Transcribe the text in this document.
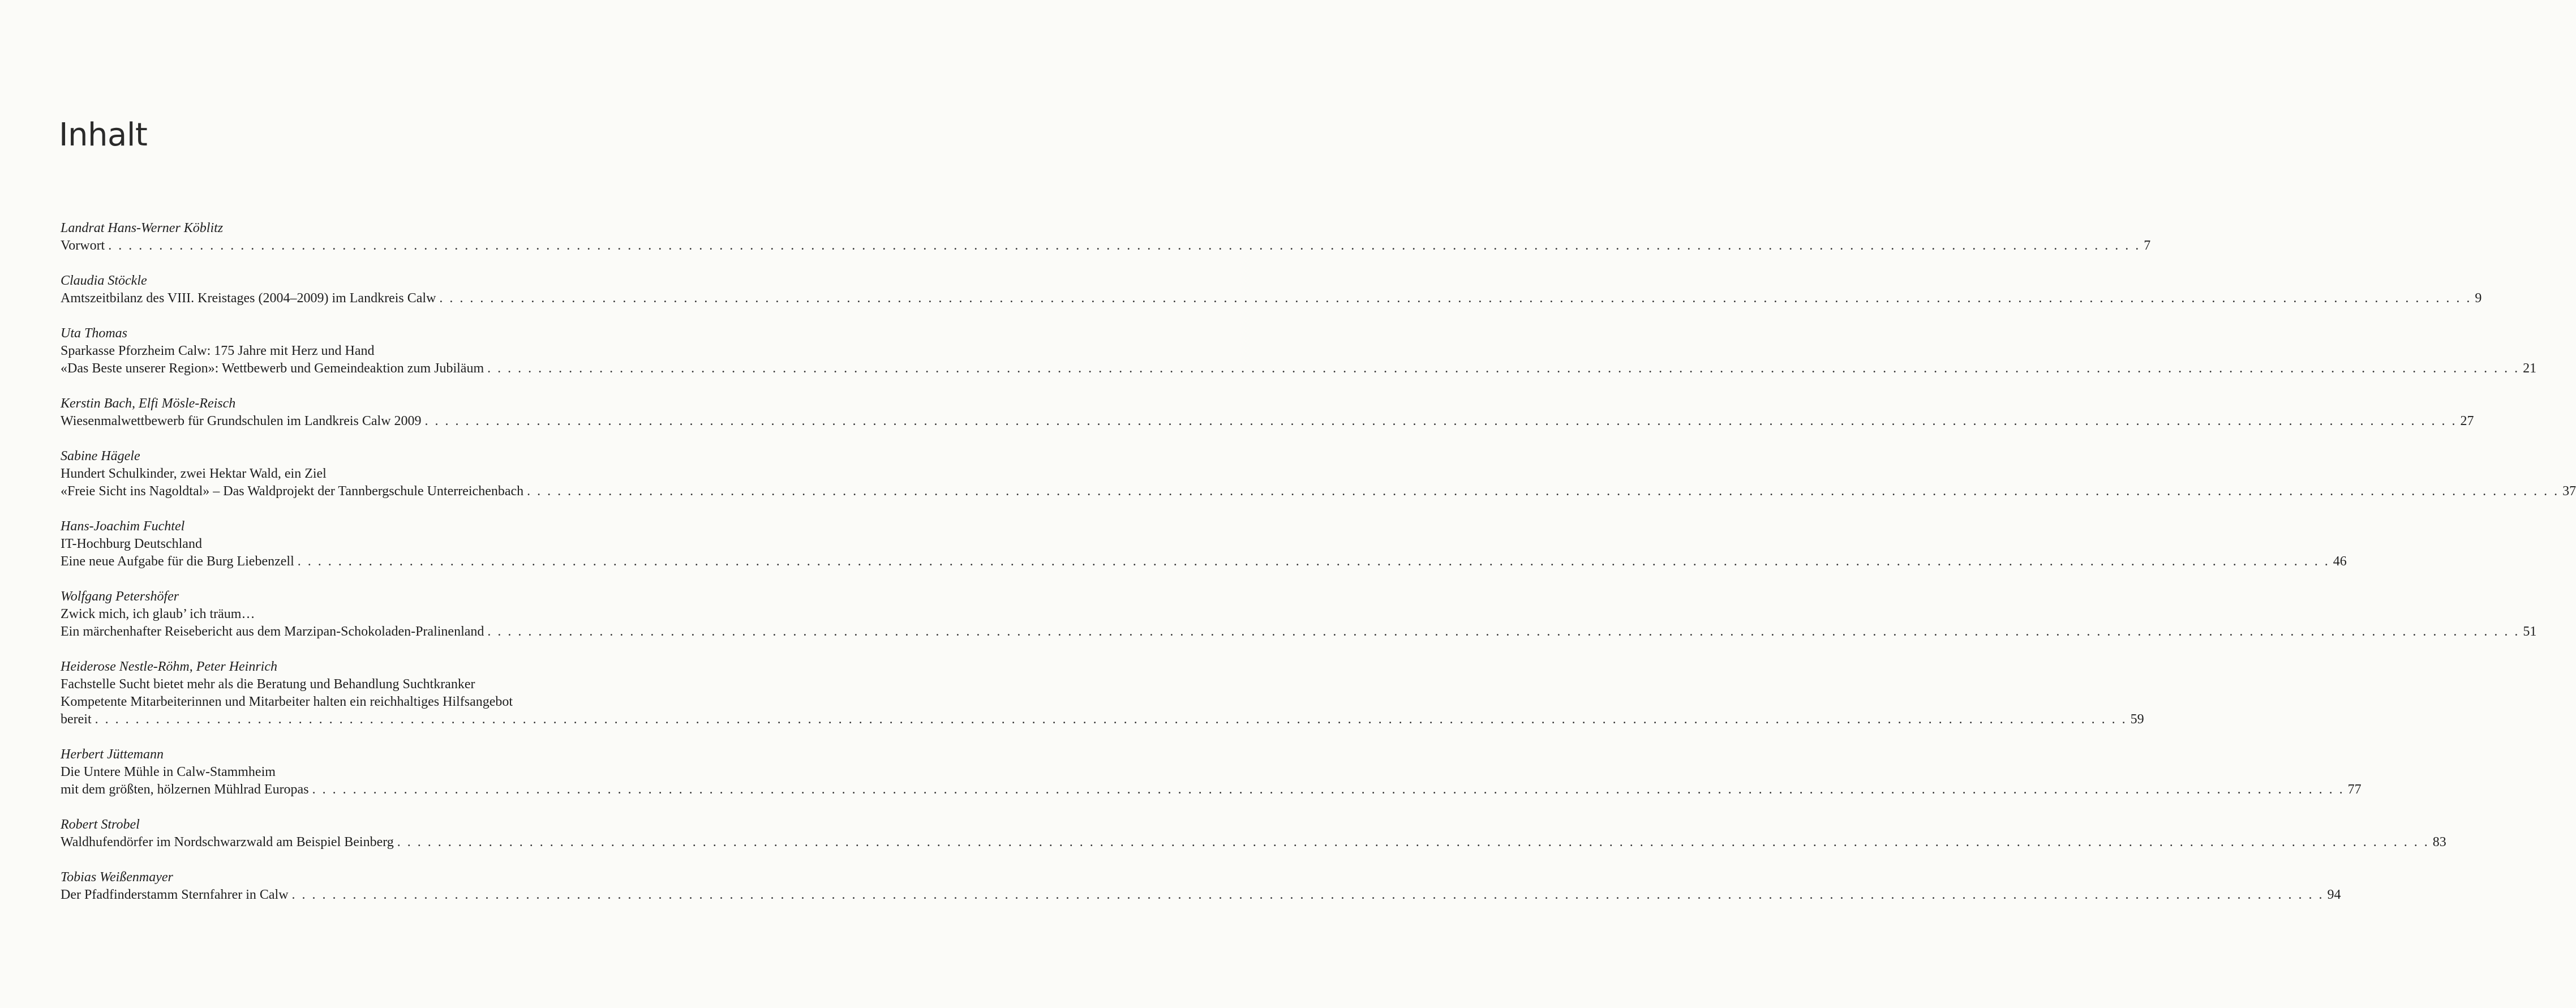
Inhalt
Landrat Hans-Werner Köblitz
Vorwort . . . . . . . . . . . . . . . . . . . . . . . . . . . . . . . . . . . . . . . . . . . . . . . . . . . . . . . . . . . . . . . . . . . . . . . . . . . . . . . . . . . . . . . . . . . . . . . . . . . . . . . . . . . . . . . . . . . . . . . . . . . . . . . . . . . . . . . . . . . . . . . . . . . . . . . . . . . . . . . . . . . . . . . . . . . . . . . . . . . . . . . . . . . . . . . . . . . . . . . . 7
Claudia Stöckle
Amtszeitbilanz des VIII. Kreistages (2004–2009) im Landkreis Calw . . . . . . . . . . . . . . . . . . . . . . . . . . . . . . . . . . . . . . . . . . . . . . . . . . . . . . . . . . . . . . . . . . . . . . . . . . . . . . . . . . . . . . . . . . . . . . . . . . . . . . . . . . . . . . . . . . . . . . . . . . . . . . . . . . . . . . . . . . . . . . . . . . . . . . . . . . . . . . . . . . . . . . . . . . . . . . . . . . . . . . . . . . . . . . . . . . . . . . . . 9
Uta Thomas
Sparkasse Pforzheim Calw: 175 Jahre mit Herz und Hand
«Das Beste unserer Region»: Wettbewerb und Gemeindeaktion zum Jubiläum . . . . . . . . . . . . . . . . . . . . . . . . . . . . . . . . . . . . . . . . . . . . . . . . . . . . . . . . . . . . . . . . . . . . . . . . . . . . . . . . . . . . . . . . . . . . . . . . . . . . . . . . . . . . . . . . . . . . . . . . . . . . . . . . . . . . . . . . . . . . . . . . . . . . . . . . . . . . . . . . . . . . . . . . . . . . . . . . . . . . . . . . . . . . . . . . . . . . . . . . 21
Kerstin Bach, Elfi Mösle-Reisch
Wiesenmalwettbewerb für Grundschulen im Landkreis Calw 2009 . . . . . . . . . . . . . . . . . . . . . . . . . . . . . . . . . . . . . . . . . . . . . . . . . . . . . . . . . . . . . . . . . . . . . . . . . . . . . . . . . . . . . . . . . . . . . . . . . . . . . . . . . . . . . . . . . . . . . . . . . . . . . . . . . . . . . . . . . . . . . . . . . . . . . . . . . . . . . . . . . . . . . . . . . . . . . . . . . . . . . . . . . . . . . . . . . . . . . . . . 27
Sabine Hägele
Hundert Schulkinder, zwei Hektar Wald, ein Ziel
«Freie Sicht ins Nagoldtal» – Das Waldprojekt der Tannbergschule Unterreichenbach . . . . . . . . . . . . . . . . . . . . . . . . . . . . . . . . . . . . . . . . . . . . . . . . . . . . . . . . . . . . . . . . . . . . . . . . . . . . . . . . . . . . . . . . . . . . . . . . . . . . . . . . . . . . . . . . . . . . . . . . . . . . . . . . . . . . . . . . . . . . . . . . . . . . . . . . . . . . . . . . . . . . . . . . . . . . . . . . . . . . . . . . . . . . . . . . . . . . . . . . 37
Hans-Joachim Fuchtel
IT-Hochburg Deutschland
Eine neue Aufgabe für die Burg Liebenzell . . . . . . . . . . . . . . . . . . . . . . . . . . . . . . . . . . . . . . . . . . . . . . . . . . . . . . . . . . . . . . . . . . . . . . . . . . . . . . . . . . . . . . . . . . . . . . . . . . . . . . . . . . . . . . . . . . . . . . . . . . . . . . . . . . . . . . . . . . . . . . . . . . . . . . . . . . . . . . . . . . . . . . . . . . . . . . . . . . . . . . . . . . . . . . . . . . . . . . . . 46
Wolfgang Petershöfer
Zwick mich, ich glaub’ ich träum…
Ein märchenhafter Reisebericht aus dem Marzipan-Schokoladen-Pralinenland . . . . . . . . . . . . . . . . . . . . . . . . . . . . . . . . . . . . . . . . . . . . . . . . . . . . . . . . . . . . . . . . . . . . . . . . . . . . . . . . . . . . . . . . . . . . . . . . . . . . . . . . . . . . . . . . . . . . . . . . . . . . . . . . . . . . . . . . . . . . . . . . . . . . . . . . . . . . . . . . . . . . . . . . . . . . . . . . . . . . . . . . . . . . . . . . . . . . . . . . 51
Heiderose Nestle-Röhm, Peter Heinrich
Fachstelle Sucht bietet mehr als die Beratung und Behandlung Suchtkranker
Kompetente Mitarbeiterinnen und Mitarbeiter halten ein reichhaltiges Hilfsangebot
bereit . . . . . . . . . . . . . . . . . . . . . . . . . . . . . . . . . . . . . . . . . . . . . . . . . . . . . . . . . . . . . . . . . . . . . . . . . . . . . . . . . . . . . . . . . . . . . . . . . . . . . . . . . . . . . . . . . . . . . . . . . . . . . . . . . . . . . . . . . . . . . . . . . . . . . . . . . . . . . . . . . . . . . . . . . . . . . . . . . . . . . . . . . . . . . . . . . . . . . . . . 59
Herbert Jüttemann
Die Untere Mühle in Calw-Stammheim
mit dem größten, hölzernen Mühlrad Europas . . . . . . . . . . . . . . . . . . . . . . . . . . . . . . . . . . . . . . . . . . . . . . . . . . . . . . . . . . . . . . . . . . . . . . . . . . . . . . . . . . . . . . . . . . . . . . . . . . . . . . . . . . . . . . . . . . . . . . . . . . . . . . . . . . . . . . . . . . . . . . . . . . . . . . . . . . . . . . . . . . . . . . . . . . . . . . . . . . . . . . . . . . . . . . . . . . . . . . . . 77
Robert Strobel
Waldhufendörfer im Nordschwarzwald am Beispiel Beinberg . . . . . . . . . . . . . . . . . . . . . . . . . . . . . . . . . . . . . . . . . . . . . . . . . . . . . . . . . . . . . . . . . . . . . . . . . . . . . . . . . . . . . . . . . . . . . . . . . . . . . . . . . . . . . . . . . . . . . . . . . . . . . . . . . . . . . . . . . . . . . . . . . . . . . . . . . . . . . . . . . . . . . . . . . . . . . . . . . . . . . . . . . . . . . . . . . . . . . . . . 83
Tobias Weißenmayer
Der Pfadfinderstamm Sternfahrer in Calw . . . . . . . . . . . . . . . . . . . . . . . . . . . . . . . . . . . . . . . . . . . . . . . . . . . . . . . . . . . . . . . . . . . . . . . . . . . . . . . . . . . . . . . . . . . . . . . . . . . . . . . . . . . . . . . . . . . . . . . . . . . . . . . . . . . . . . . . . . . . . . . . . . . . . . . . . . . . . . . . . . . . . . . . . . . . . . . . . . . . . . . . . . . . . . . . . . . . . . . . 94
